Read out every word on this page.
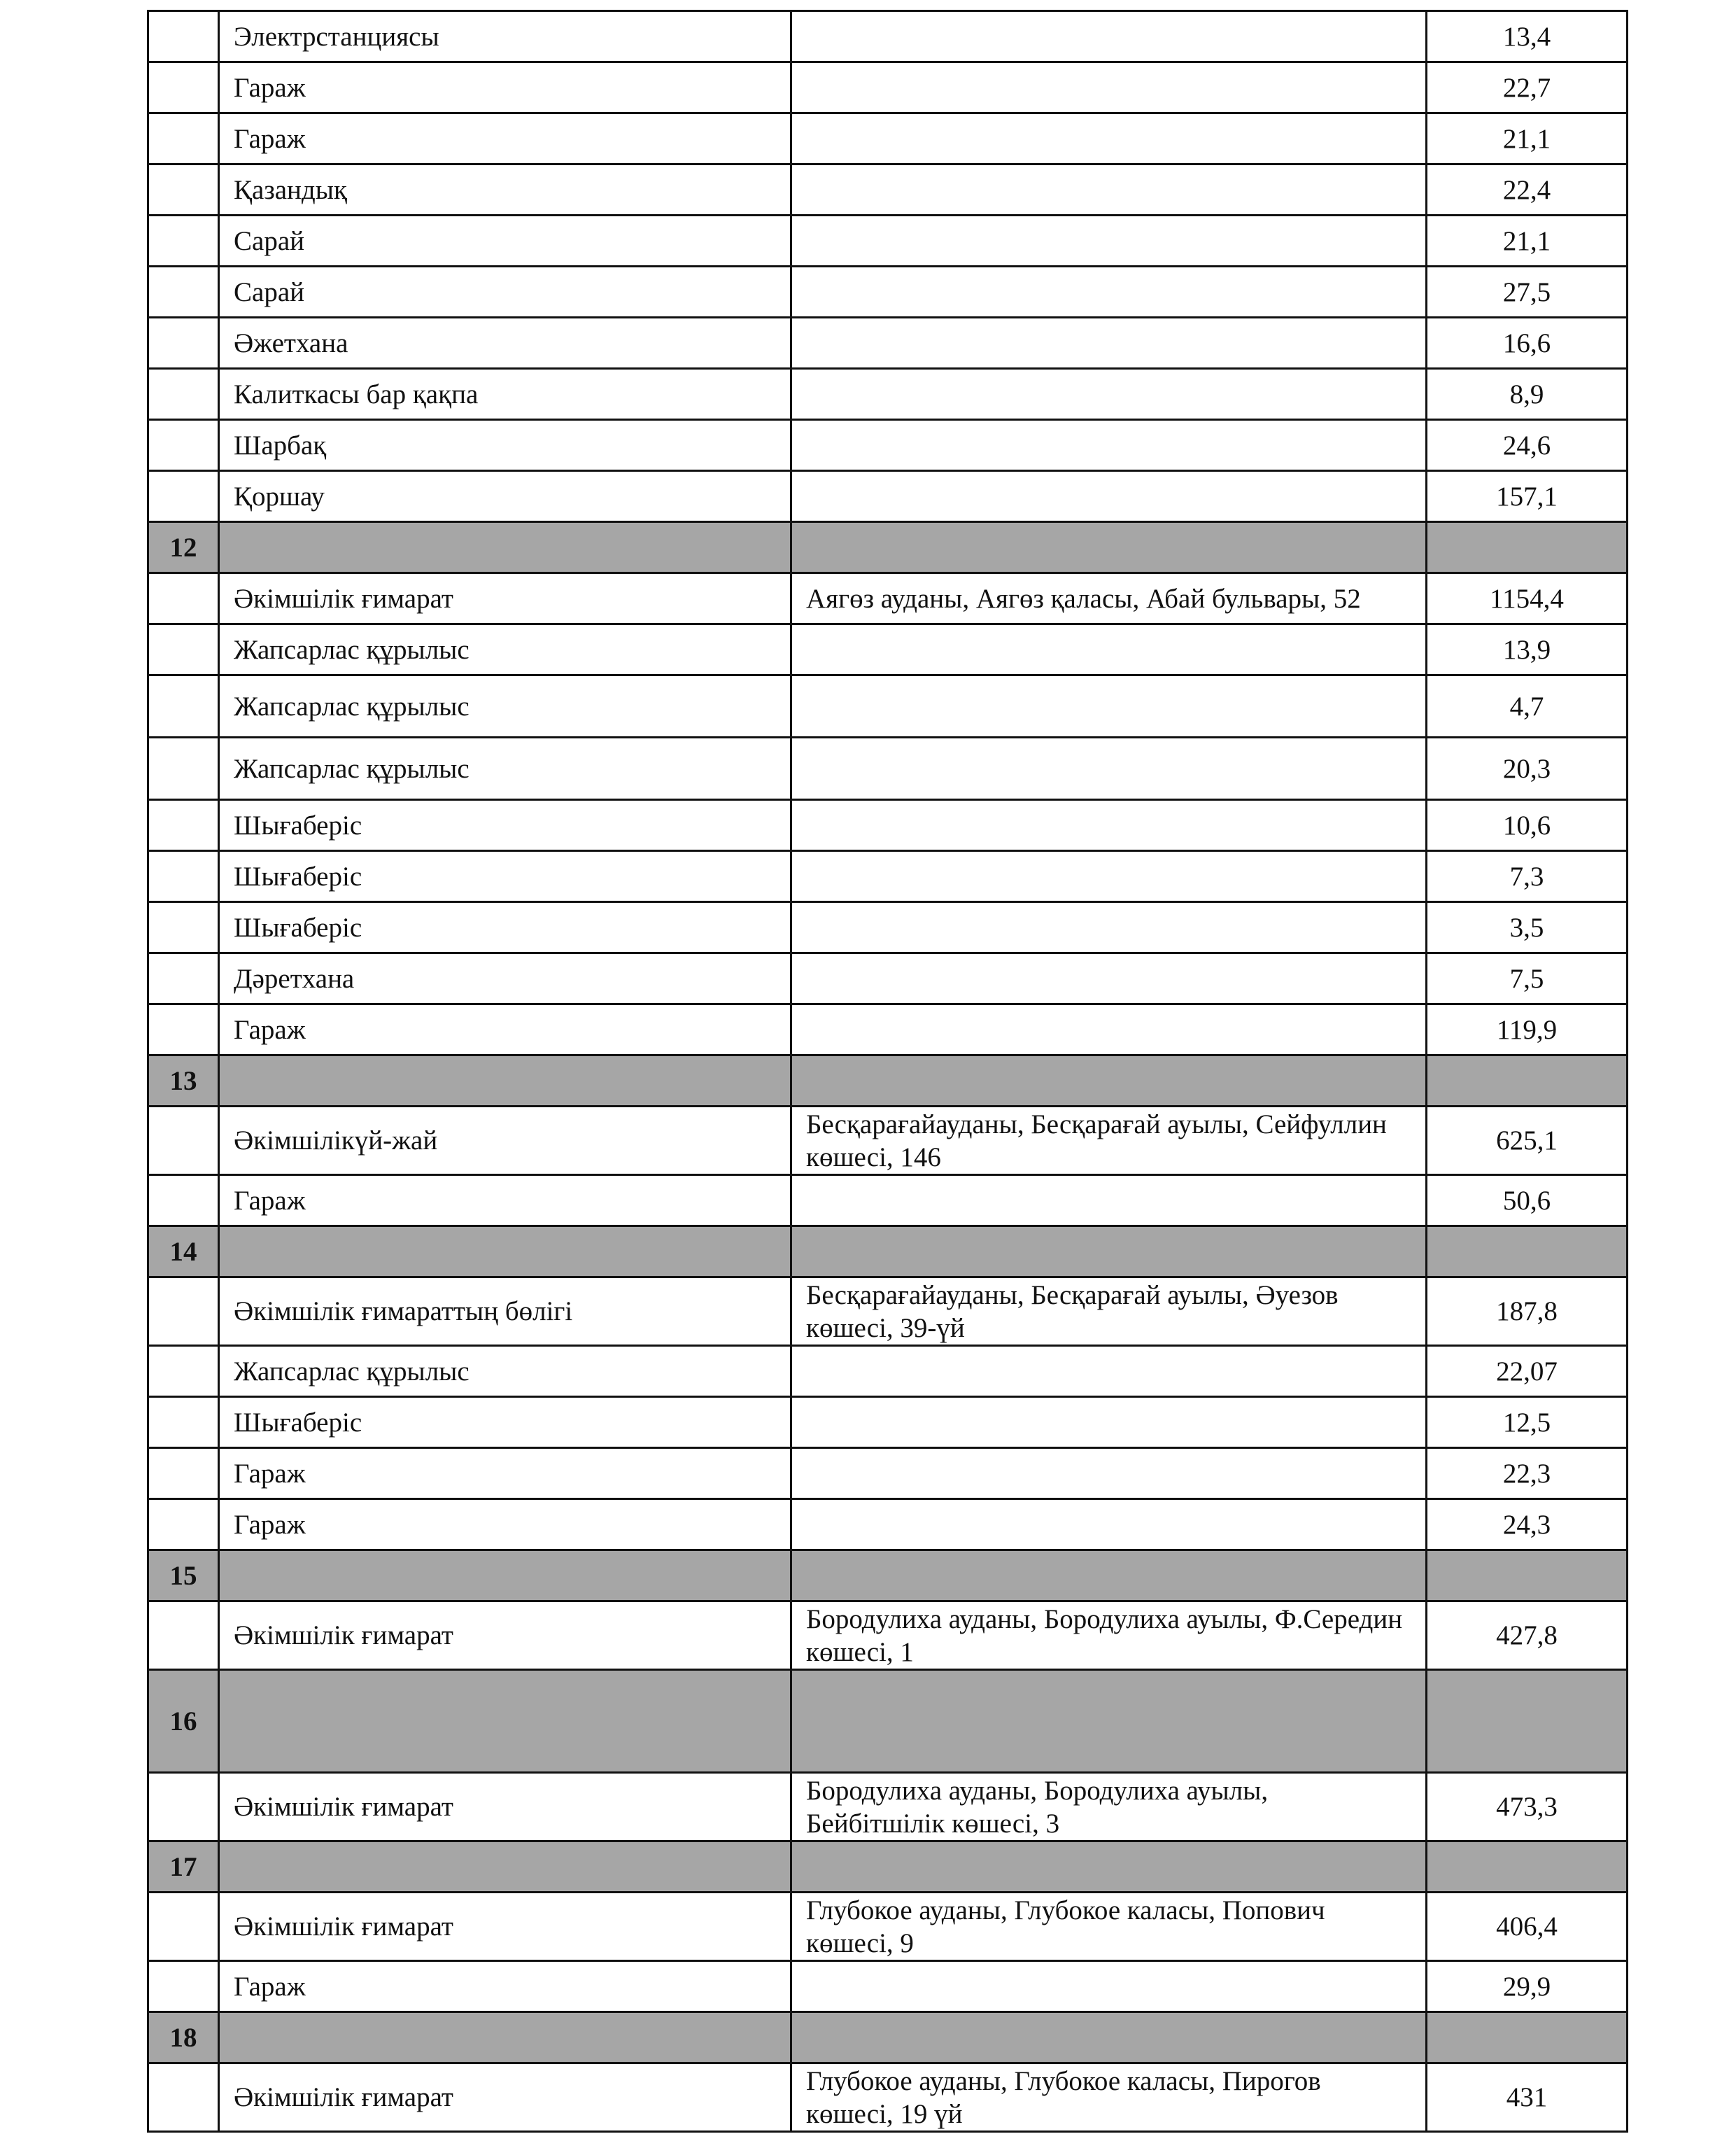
	Электрстанциясы		13,4
	Гараж		22,7
	Гараж		21,1
	Қазандық		22,4
	Сарай		21,1
	Сарай		27,5
	Әжетхана		16,6
	Калиткасы бар қақпа		8,9
	Шарбақ		24,6
	Қоршау		157,1
12			
	Әкімшілік ғимарат	Аягөз ауданы, Аягөз қаласы, Абай бульвары, 52	1154,4
	Жапсарлас құрылыс		13,9
	Жапсарлас құрылыс		4,7
	Жапсарлас құрылыс		20,3
	Шығаберіс		10,6
	Шығаберіс		7,3
	Шығаберіс		3,5
	Дәретхана		7,5
	Гараж		119,9
13			
	Әкімшілікүй-жай	Бесқарағайауданы, Бесқарағай ауылы, Сейфуллин көшесі, 146	625,1
	Гараж		50,6
14			
	Әкімшілік ғимараттың бөлігі	Бесқарағайауданы, Бесқарағай ауылы, Әуезов көшесі, 39-үй	187,8
	Жапсарлас құрылыс		22,07
	Шығаберіс		12,5
	Гараж		22,3
	Гараж		24,3
15			
	Әкімшілік ғимарат	Бородулиха ауданы, Бородулиха ауылы, Ф.Середин көшесі, 1	427,8
16			
	Әкімшілік ғимарат	Бородулиха ауданы, Бородулиха ауылы, Бейбітшілік көшесі, 3	473,3
17			
	Әкімшілік ғимарат	Глубокое ауданы, Глубокое каласы, Попович көшесі, 9	406,4
	Гараж		29,9
18			
	Әкімшілік ғимарат	Глубокое ауданы, Глубокое каласы, Пирогов көшесі, 19 үй	431
